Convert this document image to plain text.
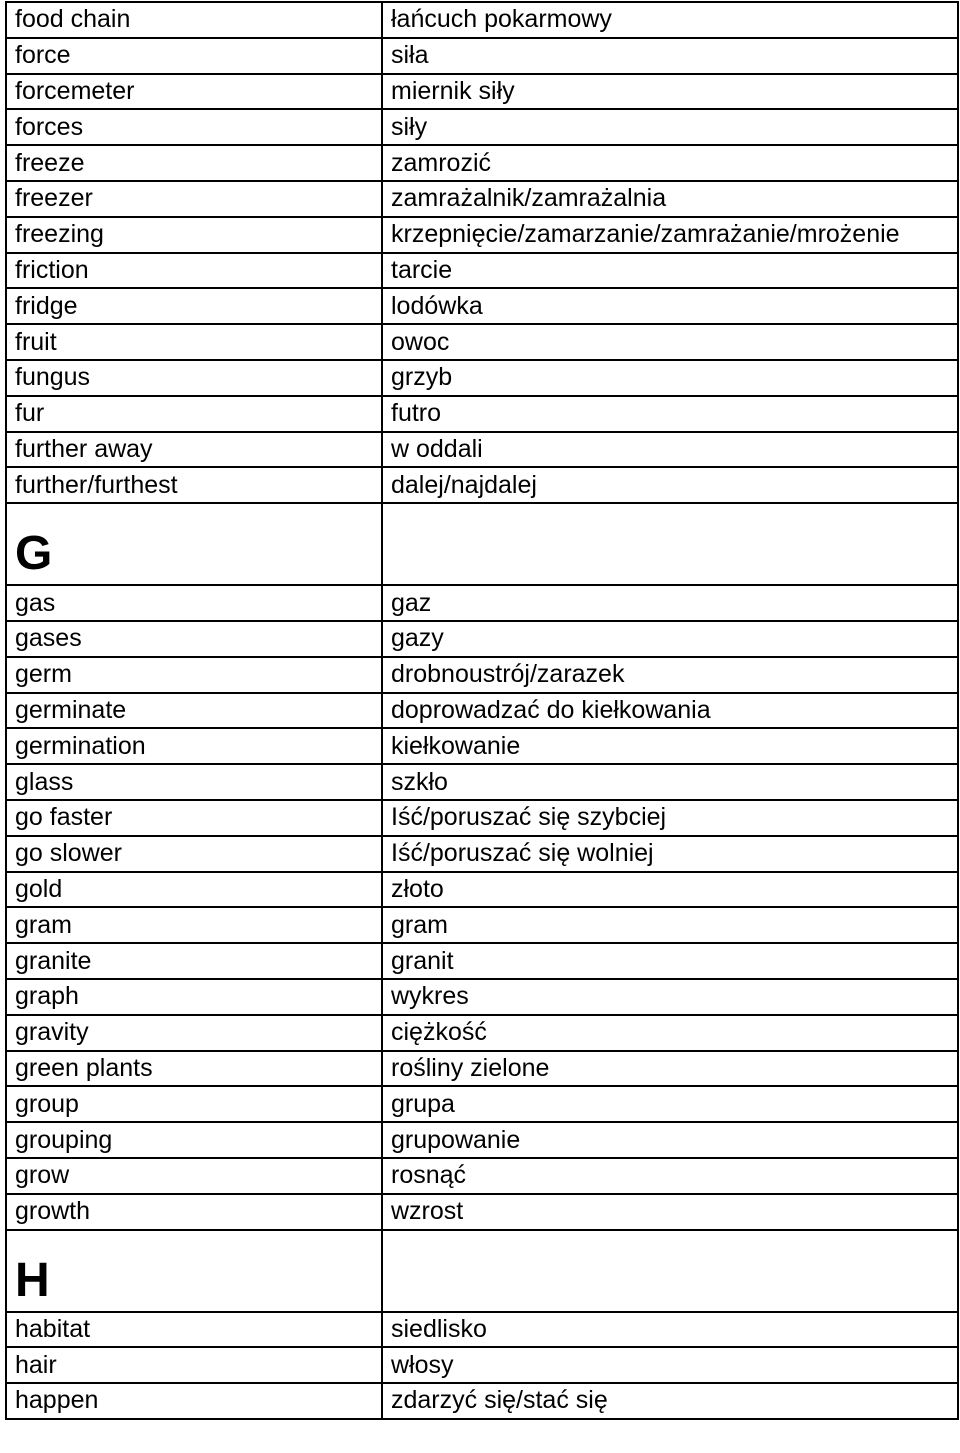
food chain	łańcuch pokarmowy
force	siła
forcemeter	miernik siły
forces	siły
freeze	zamrozić
freezer	zamrażalnik/zamrażalnia
freezing	krzepnięcie/zamarzanie/zamrażanie/mrożenie
friction	tarcie
fridge	lodówka
fruit	owoc
fungus	grzyb
fur	futro
further away	w oddali
further/furthest	dalej/najdalej
G	
gas	gaz
gases	gazy
germ	drobnoustrój/zarazek
germinate	doprowadzać do kiełkowania
germination	kiełkowanie
glass	szkło
go faster	Iść/poruszać się szybciej
go slower	Iść/poruszać się wolniej
gold	złoto
gram	gram
granite	granit
graph	wykres
gravity	ciężkość
green plants	rośliny zielone
group	grupa
grouping	grupowanie
grow	rosnąć
growth	wzrost
H	
habitat	siedlisko
hair	włosy
happen	zdarzyć się/stać się
